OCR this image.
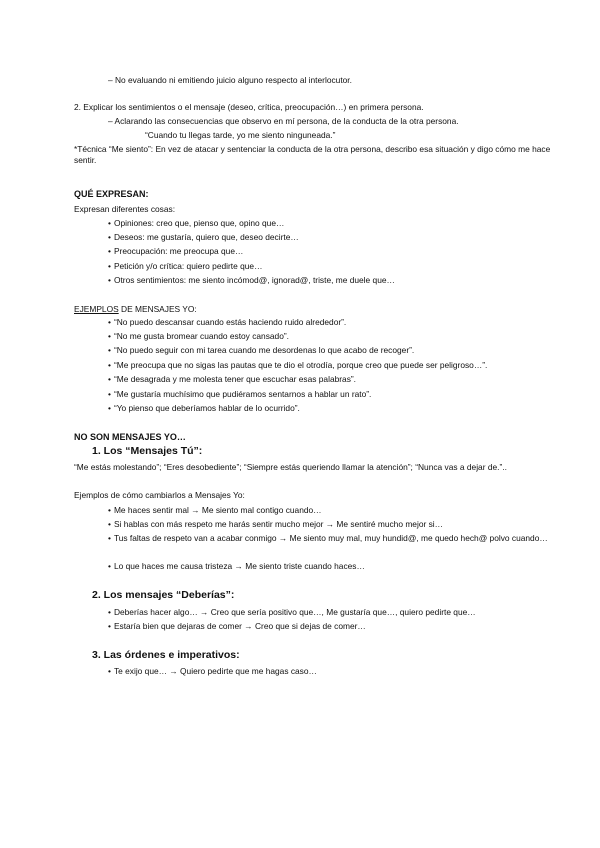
– No evaluando ni emitiendo juicio alguno respecto al interlocutor.
2. Explicar los sentimientos o el mensaje (deseo, crítica, preocupación…) en primera persona.
– Aclarando las consecuencias que observo en mí persona, de la conducta de la otra persona.
“Cuando tu llegas tarde, yo me siento ninguneada.”
*Técnica “Me siento”: En vez de atacar y sentenciar la conducta de la otra persona, describo esa situación y digo cómo me hace sentir.
QUÉ EXPRESAN:
Expresan diferentes cosas:
• Opiniones: creo que, pienso que, opino que…
• Deseos: me gustaría, quiero que, deseo decirte…
• Preocupación: me preocupa que…
• Petición y/o crítica: quiero pedirte que…
• Otros sentimientos: me siento incómod@, ignorad@, triste, me duele que…
EJEMPLOS DE MENSAJES YO:
• “No puedo descansar cuando estás haciendo ruido alrededor”.
• “No me gusta bromear cuando estoy cansado”.
• “No puedo seguir con mi tarea cuando me desordenas lo que acabo de recoger”.
• “Me preocupa que no sigas las pautas que te dio el otrodía, porque creo que puede ser peligroso…”.
• “Me desagrada y me molesta tener que escuchar esas palabras”.
• “Me gustaría muchísimo que pudiéramos sentarnos a hablar un rato”.
• “Yo pienso que deberíamos hablar de lo ocurrido”.
NO SON MENSAJES YO…
1. Los “Mensajes Tú”:
“Me estás molestando”; “Eres desobediente”; “Siempre estás queriendo llamar la atención”; “Nunca vas a dejar de.”..
Ejemplos de cómo cambiarlos a Mensajes Yo:
• Me haces sentir mal → Me siento mal contigo cuando…
• Si hablas con más respeto me harás sentir mucho mejor → Me sentiré mucho mejor si…
• Tus faltas de respeto van a acabar conmigo → Me siento muy mal, muy hundid@, me quedo hech@ polvo cuando…
• Lo que haces me causa tristeza → Me siento triste cuando haces…
2. Los mensajes “Deberías”:
• Deberías hacer algo… → Creo que sería positivo que…, Me gustaría que…, quiero pedirte que…
• Estaría bien que dejaras de comer → Creo que si dejas de comer…
3. Las órdenes e imperativos:
• Te exijo que… → Quiero pedirte que me hagas caso…
